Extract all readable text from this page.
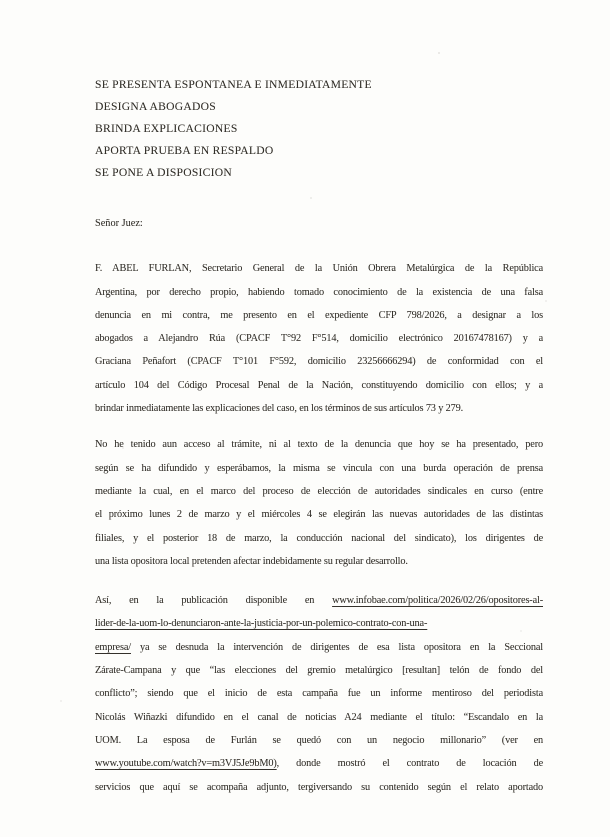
SE PRESENTA ESPONTANEA E INMEDIATAMENTE
DESIGNA ABOGADOS
BRINDA EXPLICACIONES
APORTA PRUEBA EN RESPALDO
SE PONE A DISPOSICION
Señor Juez:
F. ABEL FURLAN, Secretario General de la Unión Obrera Metalúrgica de la República
Argentina, por derecho propio, habiendo tomado conocimiento de la existencia de una falsa
denuncia en mi contra, me presento en el expediente CFP 798/2026, a designar a los
abogados a Alejandro Rúa (CPACF T°92 F°514, domicilio electrónico 20167478167) y a
Graciana Peñafort (CPACF T°101 F°592, domicilio 23256666294) de conformidad con el
artículo 104 del Código Procesal Penal de la Nación, constituyendo domicilio con ellos; y a
brindar inmediatamente las explicaciones del caso, en los términos de sus artículos 73 y 279.
No he tenido aun acceso al trámite, ni al texto de la denuncia que hoy se ha presentado, pero
según se ha difundido y esperábamos, la misma se vincula con una burda operación de prensa
mediante la cual, en el marco del proceso de elección de autoridades sindicales en curso (entre
el próximo lunes 2 de marzo y el miércoles 4 se elegirán las nuevas autoridades de las distintas
filiales, y el posterior 18 de marzo, la conducción nacional del sindicato), los dirigentes de
una lista opositora local pretenden afectar indebidamente su regular desarrollo.
Así, en la publicación disponible en www.infobae.com/politica/2026/02/26/opositores-al-
lider-de-la-uom-lo-denunciaron-ante-la-justicia-por-un-polemico-contrato-con-una-
empresa/ ya se desnuda la intervención de dirigentes de esa lista opositora en la Seccional
Zárate-Campana y que “las elecciones del gremio metalúrgico [resultan] telón de fondo del
conflicto”; siendo que el inicio de esta campaña fue un informe mentiroso del periodista
Nicolás Wiñazki difundido en el canal de noticias A24 mediante el título: “Escandalo en la
UOM. La esposa de Furlán se quedó con un negocio millonario” (ver en
www.youtube.com/watch?v=m3VJ5Je9bM0), donde mostró el contrato de locación de
servicios que aquí se acompaña adjunto, tergiversando su contenido según el relato aportado
